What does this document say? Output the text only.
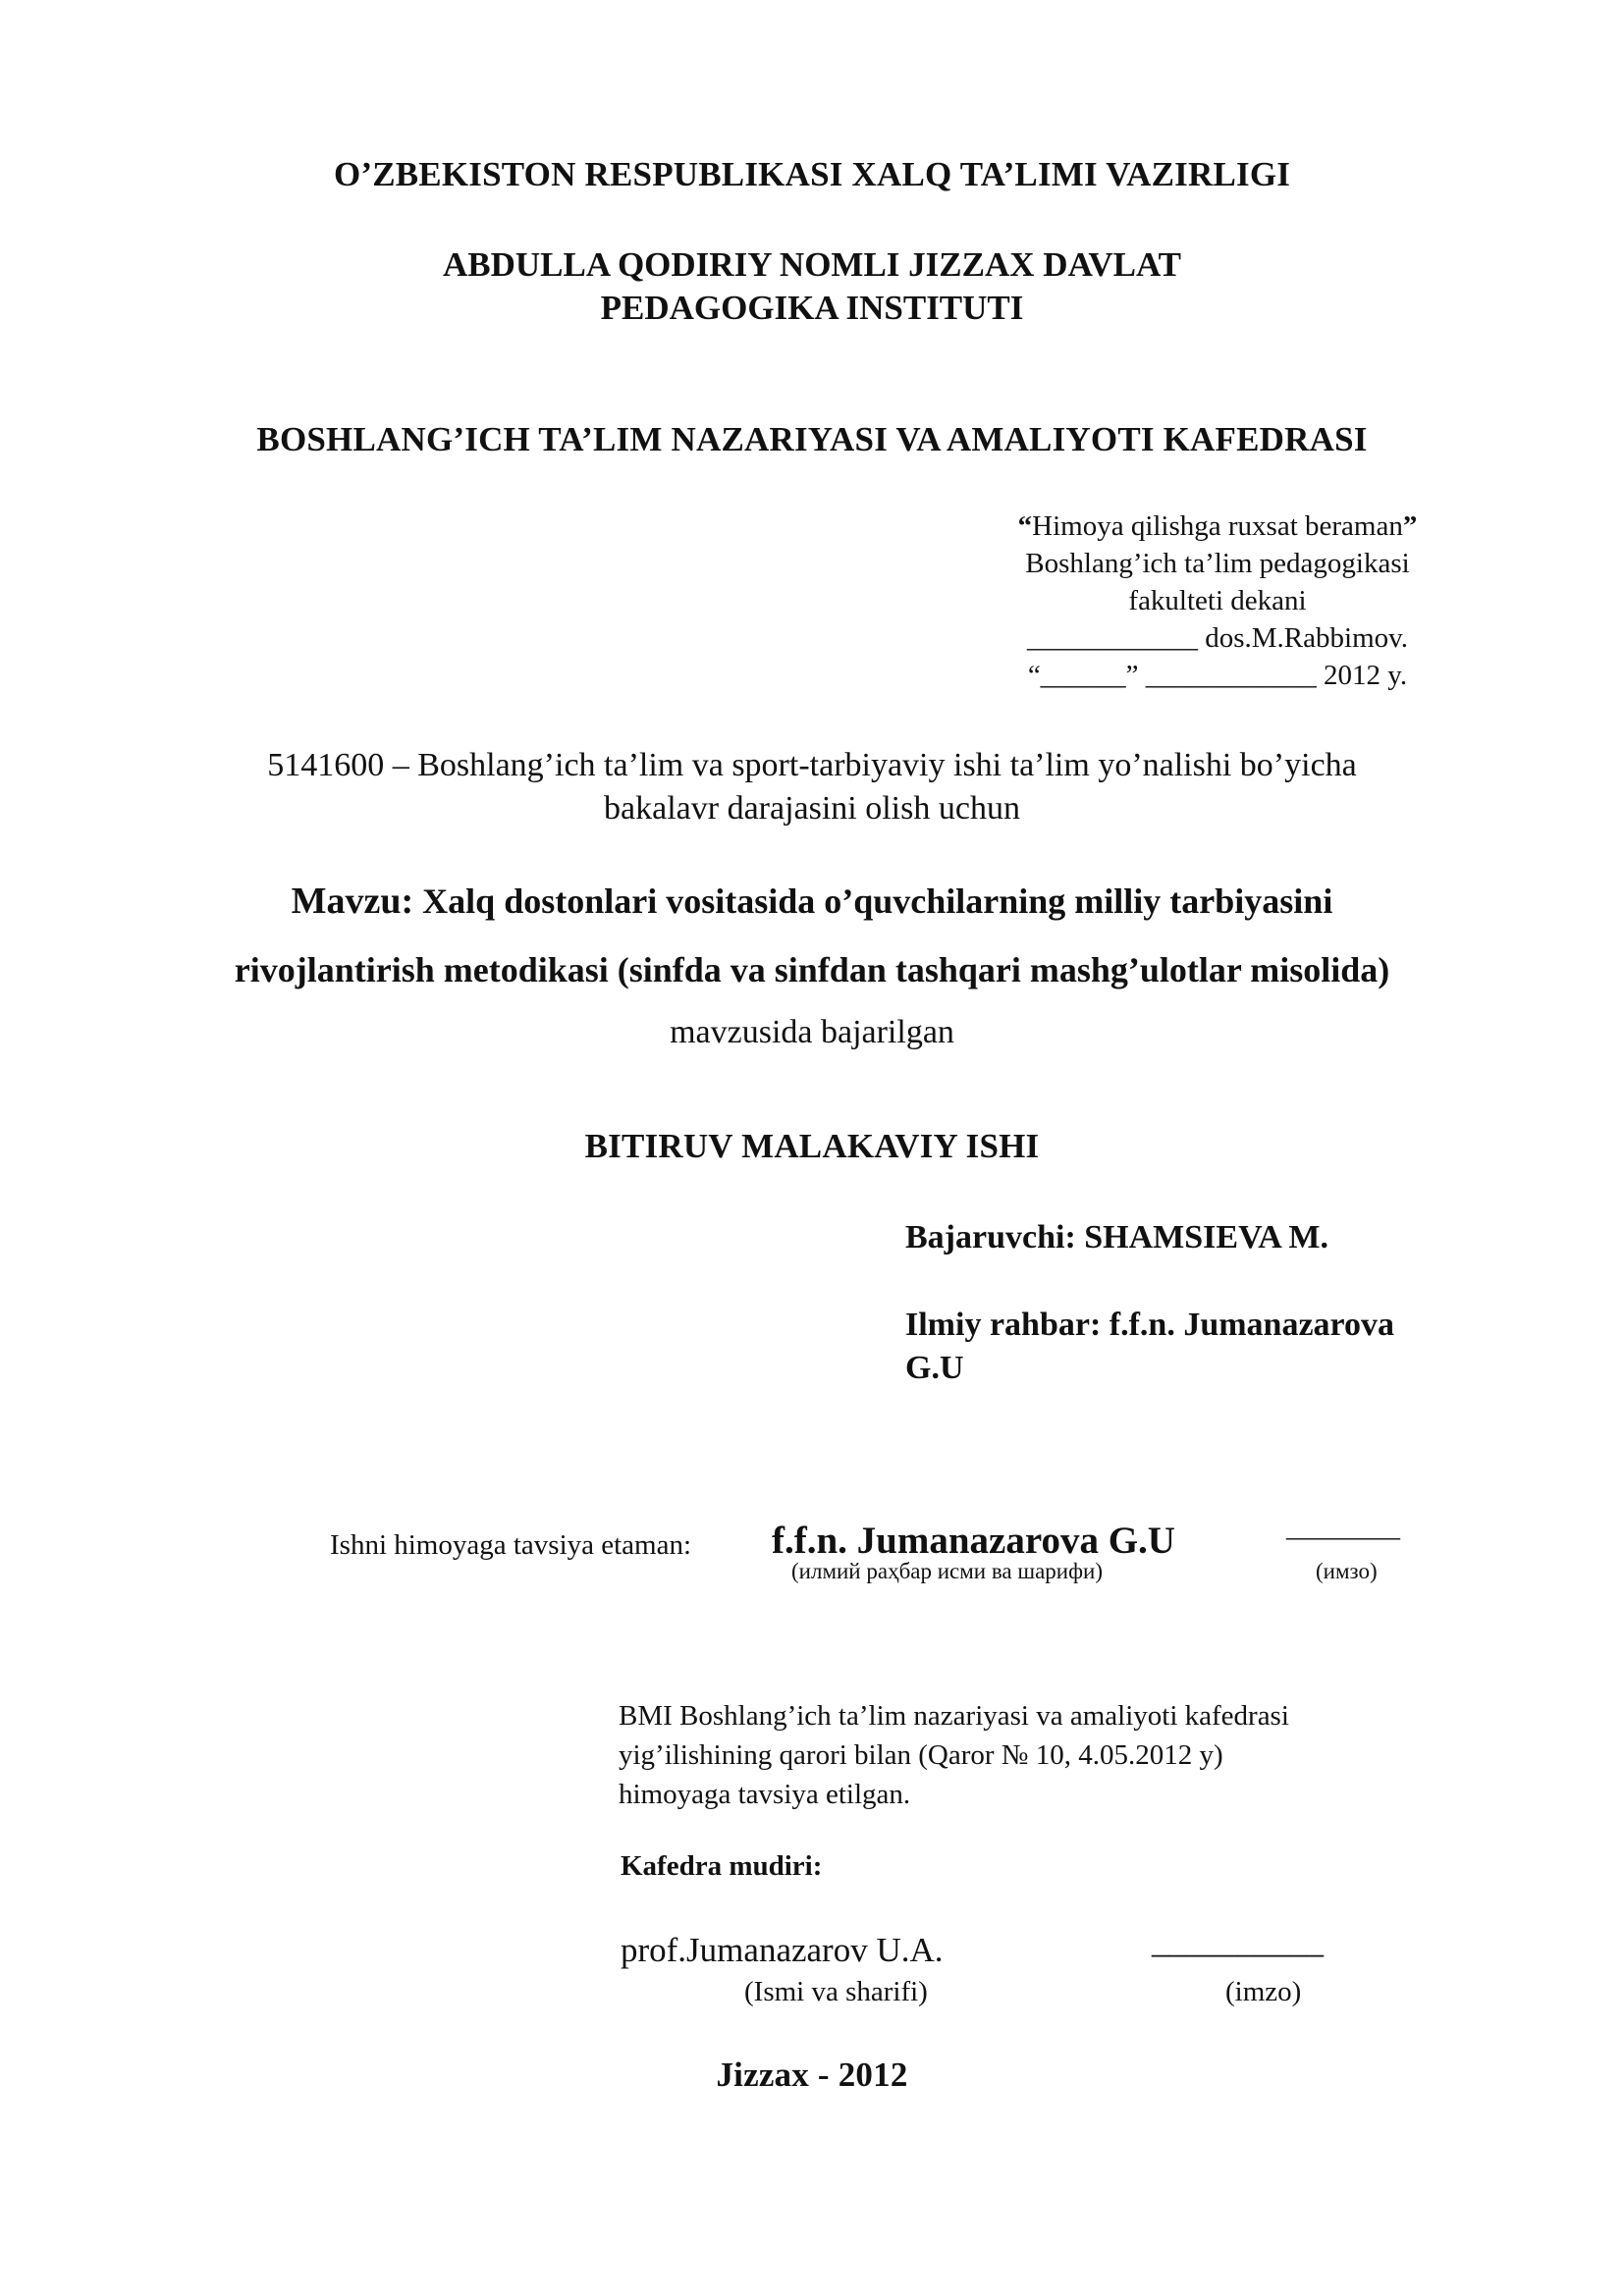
O’ZBEKISTON RESPUBLIKASI XALQ TA’LIMI VAZIRLIGI
ABDULLA QODIRIY NOMLI JIZZAX DAVLAT
PEDAGOGIKA INSTITUTI
BOSHLANG’ICH TA’LIM NAZARIYASI VA AMALIYOTI KAFEDRASI
“Himoya qilishga ruxsat beraman”
Boshlang’ich ta’lim pedagogikasi
fakulteti dekani
____________ dos.M.Rabbimov.
“______” ____________ 2012 y.
5141600 – Boshlang’ich ta’lim va sport-tarbiyaviy ishi ta’lim yo’nalishi bo’yicha
bakalavr darajasini olish uchun
Mavzu: Xalq dostonlari vositasida o’quvchilarning milliy tarbiyasini
rivojlantirish metodikasi (sinfda va sinfdan tashqari mashg’ulotlar misolida)
mavzusida bajarilgan
BITIRUV MALAKAVIY ISHI
Bajaruvchi: SHAMSIEVA M.
Ilmiy rahbar: f.f.n. Jumanazarova
G.U
Ishni himoyaga tavsiya etaman: f.f.n. Jumanazarova G.U	________
(илмий раҳбар исми ва шарифи)	(имзо)
BMI Boshlang’ich ta’lim nazariyasi va amaliyoti kafedrasi
yig’ilishining qarori bilan (Qaror № 10, 4.05.2012 y)
himoyaga tavsiya etilgan.
Kafedra mudiri:
prof.Jumanazarov U.A.	__________
(Ismi va sharifi)	(imzo)
Jizzax - 2012
